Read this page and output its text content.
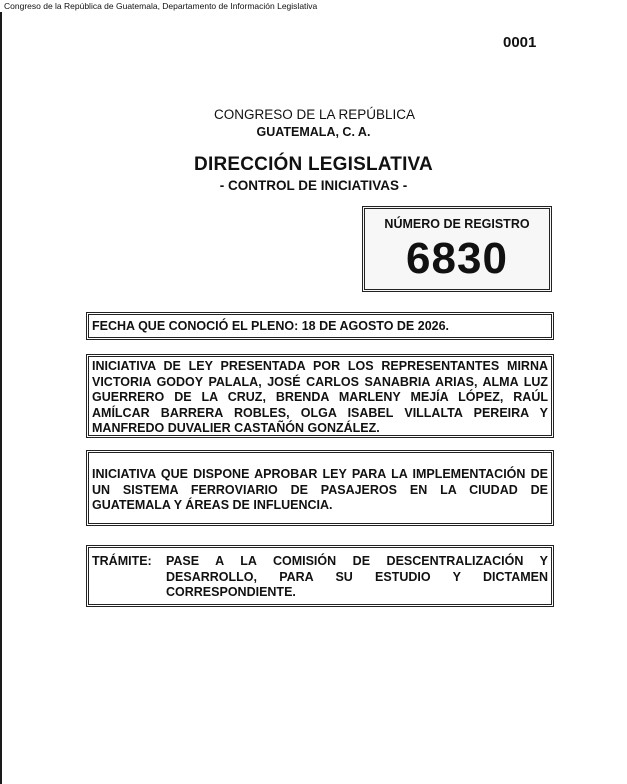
Congreso de la República de Guatemala, Departamento de Información Legislativa
0001
CONGRESO DE LA REPÚBLICA
GUATEMALA, C. A.
DIRECCIÓN LEGISLATIVA
- CONTROL DE INICIATIVAS -
NÚMERO DE REGISTRO
6830
FECHA QUE CONOCIÓ EL PLENO: 18 DE AGOSTO DE 2026.
INICIATIVA DE LEY PRESENTADA POR LOS REPRESENTANTES MIRNA VICTORIA GODOY PALALA, JOSÉ CARLOS SANABRIA ARIAS, ALMA LUZ GUERRERO DE LA CRUZ, BRENDA MARLENY MEJÍA LÓPEZ, RAÚL AMÍLCAR BARRERA ROBLES, OLGA ISABEL VILLALTA PEREIRA Y MANFREDO DUVALIER CASTAÑÓN GONZÁLEZ.
INICIATIVA QUE DISPONE APROBAR LEY PARA LA IMPLEMENTACIÓN DE UN SISTEMA FERROVIARIO DE PASAJEROS EN LA CIUDAD DE GUATEMALA Y ÁREAS DE INFLUENCIA.
TRÁMITE:	PASE A LA COMISIÓN DE DESCENTRALIZACIÓN Y DESARROLLO, PARA SU ESTUDIO Y DICTAMEN CORRESPONDIENTE.
